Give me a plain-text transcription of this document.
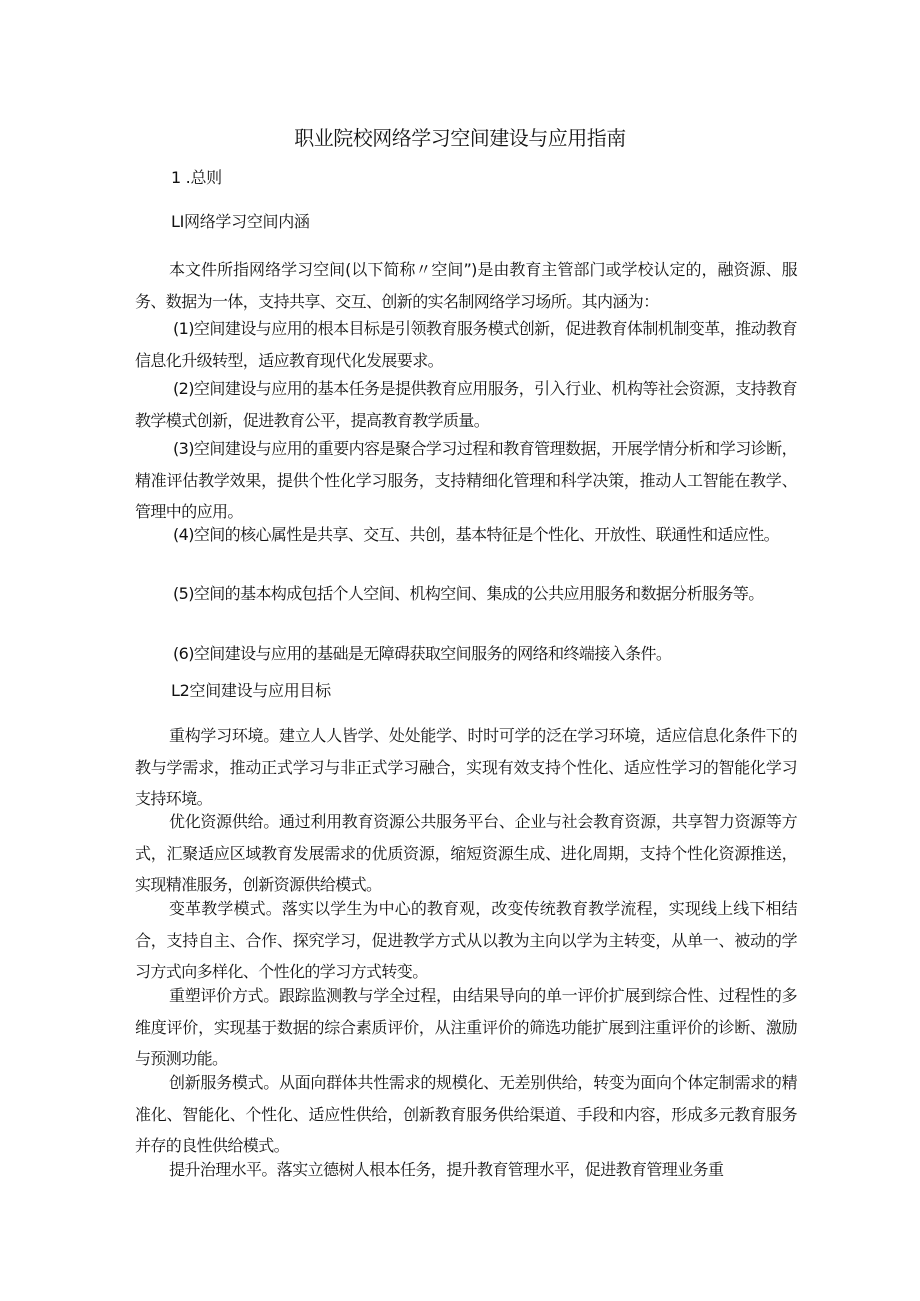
职业院校网络学习空间建设与应用指南
1 .总则
LI网络学习空间内涵

本文件所指网络学习空间(以下简称〃空间”)是由教育主管部门或学校认定的，融资源、服务、数据为一体，支持共享、交互、创新的实名制网络学习场所。其内涵为：

(1)空间建设与应用的根本目标是引领教育服务模式创新，促进教育体制机制变革，推动教育信息化升级转型，适应教育现代化发展要求。

(2)空间建设与应用的基本任务是提供教育应用服务，引入行业、机构等社会资源，支持教育教学模式创新，促进教育公平，提高教育教学质量。

(3)空间建设与应用的重要内容是聚合学习过程和教育管理数据，开展学情分析和学习诊断，精准评估教学效果，提供个性化学习服务，支持精细化管理和科学决策，推动人工智能在教学、管理中的应用。

(4)空间的核心属性是共享、交互、共创，基本特征是个性化、开放性、联通性和适应性。

(5)空间的基本构成包括个人空间、机构空间、集成的公共应用服务和数据分析服务等。

(6)空间建设与应用的基础是无障碍获取空间服务的网络和终端接入条件。

L2空间建设与应用目标

重构学习环境。建立人人皆学、处处能学、时时可学的泛在学习环境，适应信息化条件下的教与学需求，推动正式学习与非正式学习融合，实现有效支持个性化、适应性学习的智能化学习支持环境。

优化资源供给。通过利用教育资源公共服务平台、企业与社会教育资源，共享智力资源等方式，汇聚适应区域教育发展需求的优质资源，缩短资源生成、进化周期，支持个性化资源推送，实现精准服务，创新资源供给模式。

变革教学模式。落实以学生为中心的教育观，改变传统教育教学流程，实现线上线下相结合，支持自主、合作、探究学习，促进教学方式从以教为主向以学为主转变，从单一、被动的学习方式向多样化、个性化的学习方式转变。

重塑评价方式。跟踪监测教与学全过程，由结果导向的单一评价扩展到综合性、过程性的多维度评价，实现基于数据的综合素质评价，从注重评价的筛选功能扩展到注重评价的诊断、激励与预测功能。

创新服务模式。从面向群体共性需求的规模化、无差别供给，转变为面向个体定制需求的精准化、智能化、个性化、适应性供给，创新教育服务供给渠道、手段和内容，形成多元教育服务并存的良性供给模式。

提升治理水平。落实立德树人根本任务，提升教育管理水平，促进教育管理业务重
